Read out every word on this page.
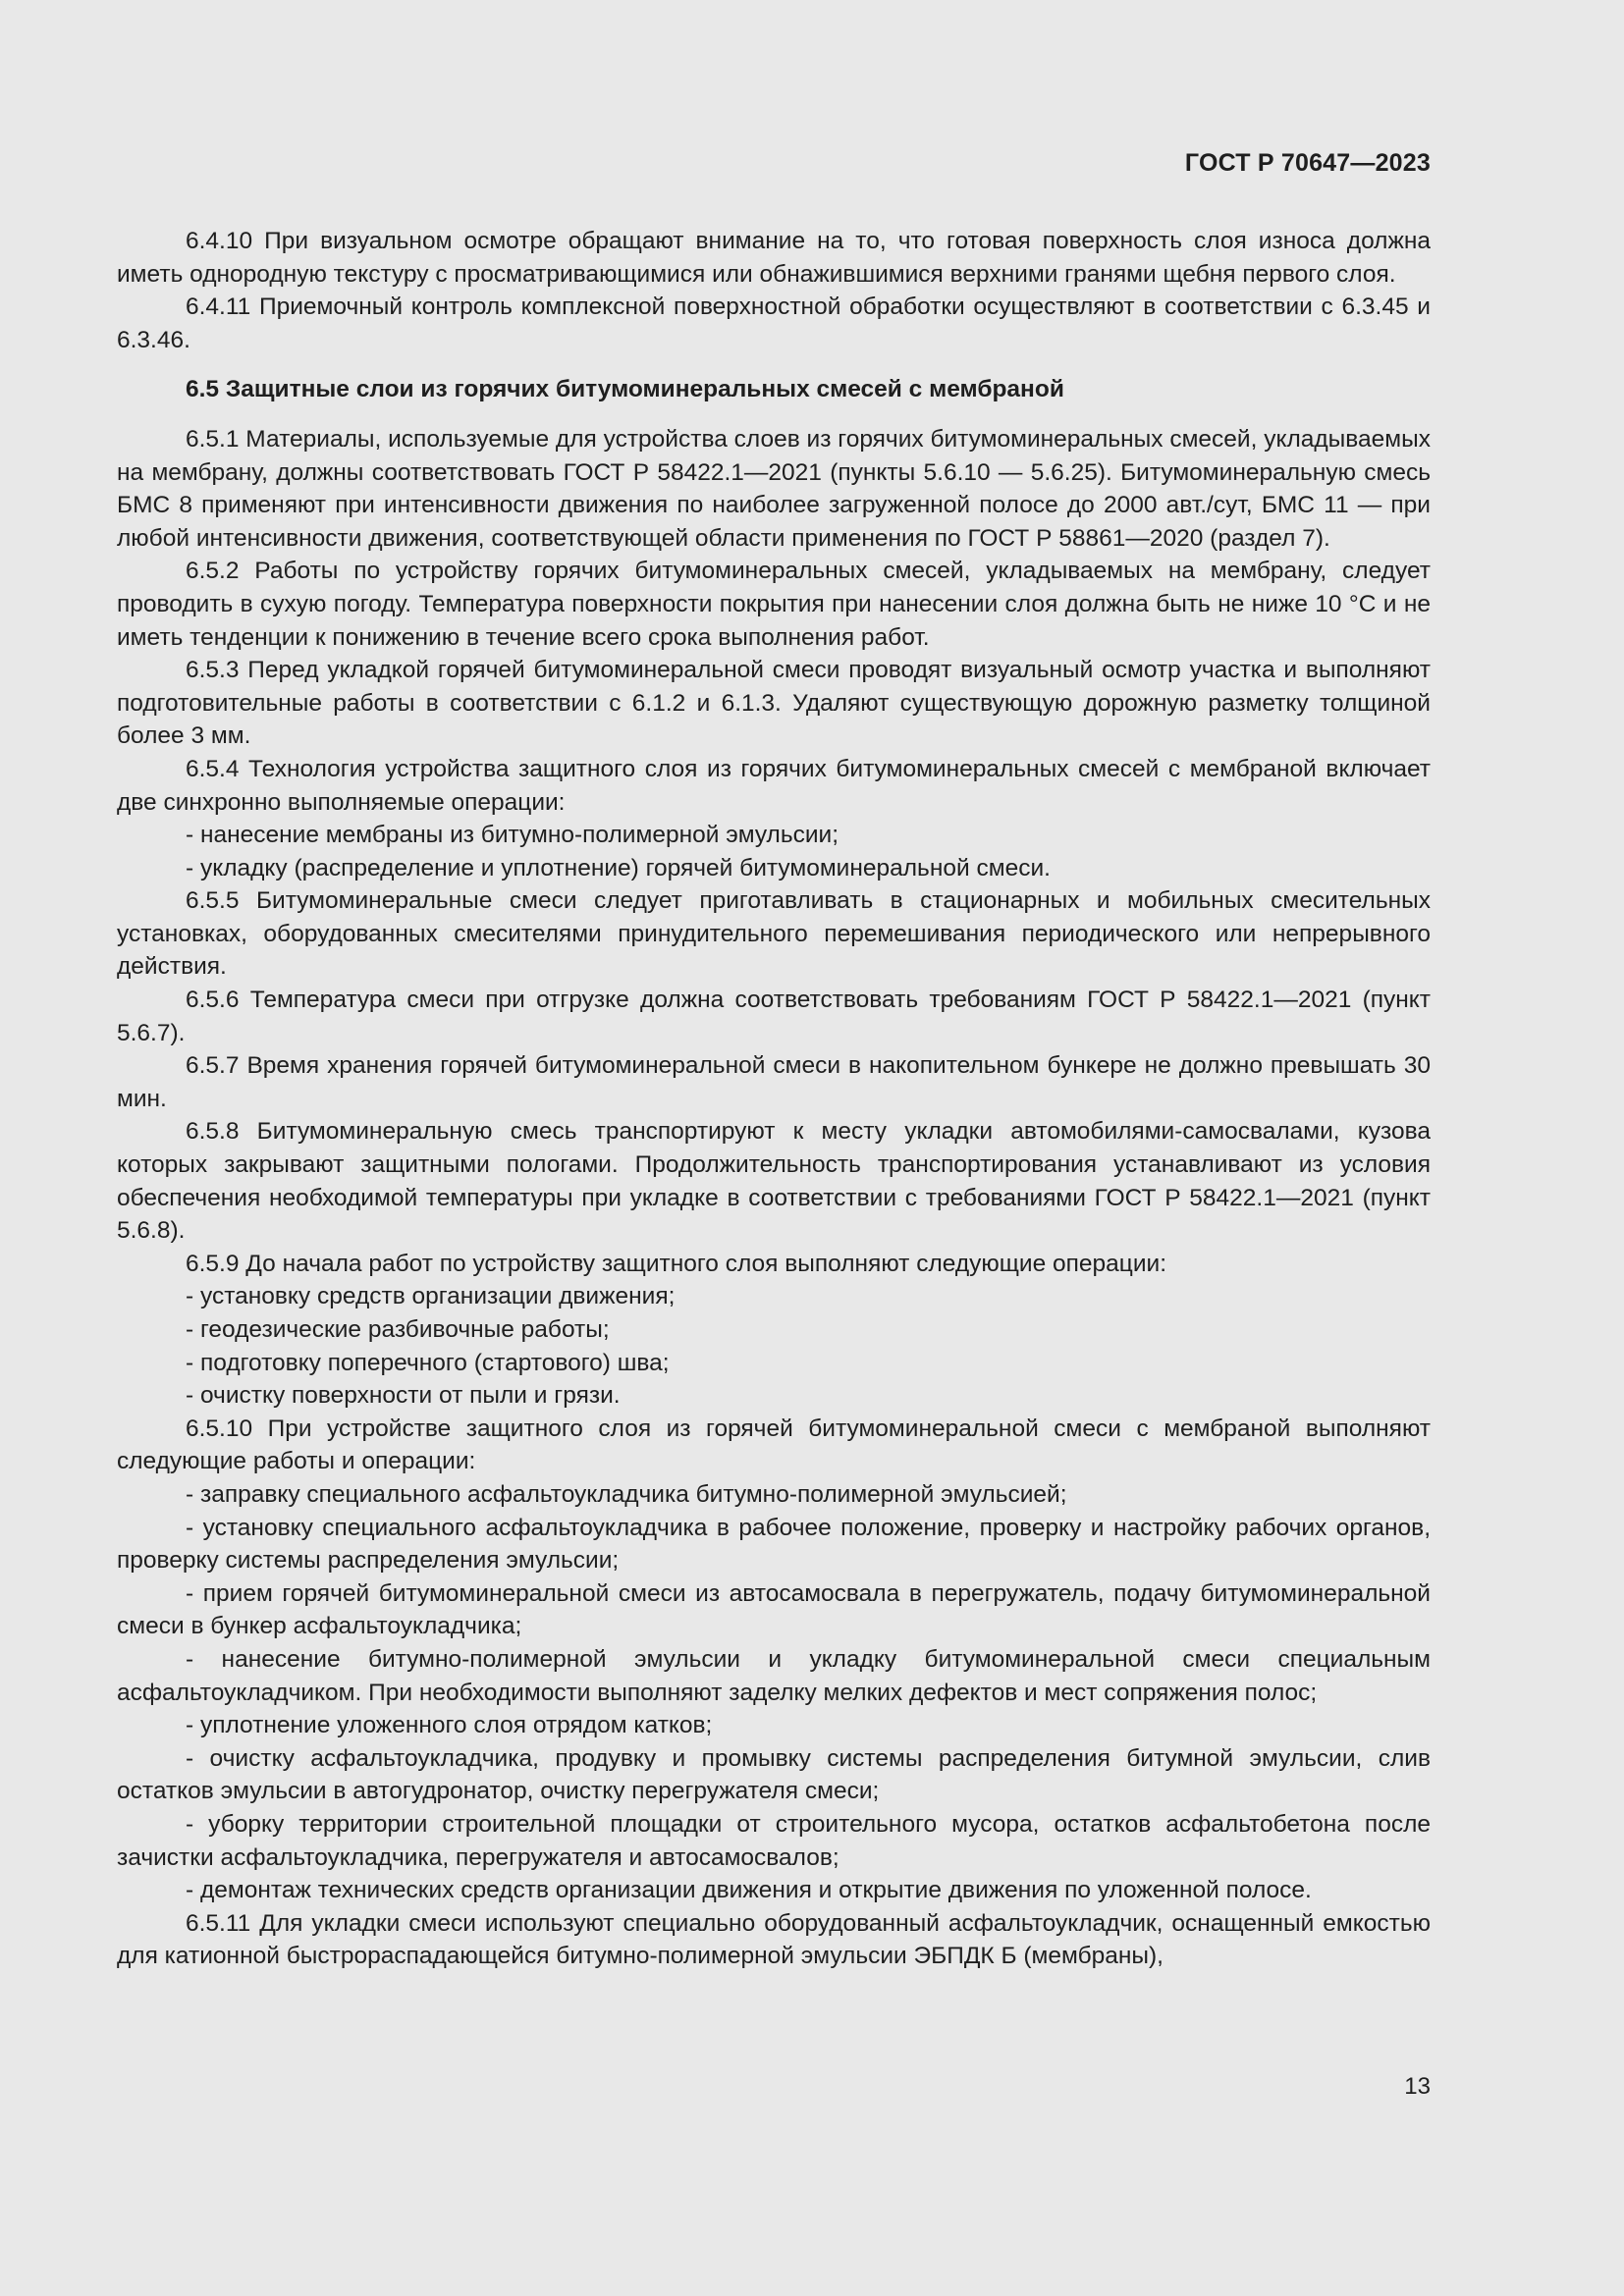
ГОСТ Р 70647—2023

6.4.10 При визуальном осмотре обращают внимание на то, что готовая поверхность слоя износа должна иметь однородную текстуру с просматривающимися или обнажившимися верхними гранями щебня первого слоя.

6.4.11 Приемочный контроль комплексной поверхностной обработки осуществляют в соответствии с 6.3.45 и 6.3.46.

6.5 Защитные слои из горячих битумоминеральных смесей с мембраной

6.5.1 Материалы, используемые для устройства слоев из горячих битумоминеральных смесей, укладываемых на мембрану, должны соответствовать ГОСТ Р 58422.1—2021 (пункты 5.6.10 — 5.6.25). Битумоминеральную смесь БМС 8 применяют при интенсивности движения по наиболее загруженной полосе до 2000 авт./сут, БМС 11 — при любой интенсивности движения, соответствующей области применения по ГОСТ Р 58861—2020 (раздел 7).

6.5.2 Работы по устройству горячих битумоминеральных смесей, укладываемых на мембрану, следует проводить в сухую погоду. Температура поверхности покрытия при нанесении слоя должна быть не ниже 10 °С и не иметь тенденции к понижению в течение всего срока выполнения работ.

6.5.3 Перед укладкой горячей битумоминеральной смеси проводят визуальный осмотр участка и выполняют подготовительные работы в соответствии с 6.1.2 и 6.1.3. Удаляют существующую дорожную разметку толщиной более 3 мм.

6.5.4 Технология устройства защитного слоя из горячих битумоминеральных смесей с мембраной включает две синхронно выполняемые операции:

- нанесение мембраны из битумно-полимерной эмульсии;

- укладку (распределение и уплотнение) горячей битумоминеральной смеси.

6.5.5 Битумоминеральные смеси следует приготавливать в стационарных и мобильных смесительных установках, оборудованных смесителями принудительного перемешивания периодического или непрерывного действия.

6.5.6 Температура смеси при отгрузке должна соответствовать требованиям ГОСТ Р 58422.1—2021 (пункт 5.6.7).

6.5.7 Время хранения горячей битумоминеральной смеси в накопительном бункере не должно превышать 30 мин.

6.5.8 Битумоминеральную смесь транспортируют к месту укладки автомобилями-самосвалами, кузова которых закрывают защитными пологами. Продолжительность транспортирования устанавливают из условия обеспечения необходимой температуры при укладке в соответствии с требованиями ГОСТ Р 58422.1—2021 (пункт 5.6.8).

6.5.9 До начала работ по устройству защитного слоя выполняют следующие операции:

- установку средств организации движения;

- геодезические разбивочные работы;

- подготовку поперечного (стартового) шва;

- очистку поверхности от пыли и грязи.

6.5.10 При устройстве защитного слоя из горячей битумоминеральной смеси с мембраной выполняют следующие работы и операции:

- заправку специального асфальтоукладчика битумно-полимерной эмульсией;

- установку специального асфальтоукладчика в рабочее положение, проверку и настройку рабочих органов, проверку системы распределения эмульсии;

- прием горячей битумоминеральной смеси из автосамосвала в перегружатель, подачу битумоминеральной смеси в бункер асфальтоукладчика;

- нанесение битумно-полимерной эмульсии и укладку битумоминеральной смеси специальным асфальтоукладчиком. При необходимости выполняют заделку мелких дефектов и мест сопряжения полос;

- уплотнение уложенного слоя отрядом катков;

- очистку асфальтоукладчика, продувку и промывку системы распределения битумной эмульсии, слив остатков эмульсии в автогудронатор, очистку перегружателя смеси;

- уборку территории строительной площадки от строительного мусора, остатков асфальтобетона после зачистки асфальтоукладчика, перегружателя и автосамосвалов;

- демонтаж технических средств организации движения и открытие движения по уложенной полосе.

6.5.11 Для укладки смеси используют специально оборудованный асфальтоукладчик, оснащенный емкостью для катионной быстрораспадающейся битумно-полимерной эмульсии ЭБПДК Б (мембраны),

13
